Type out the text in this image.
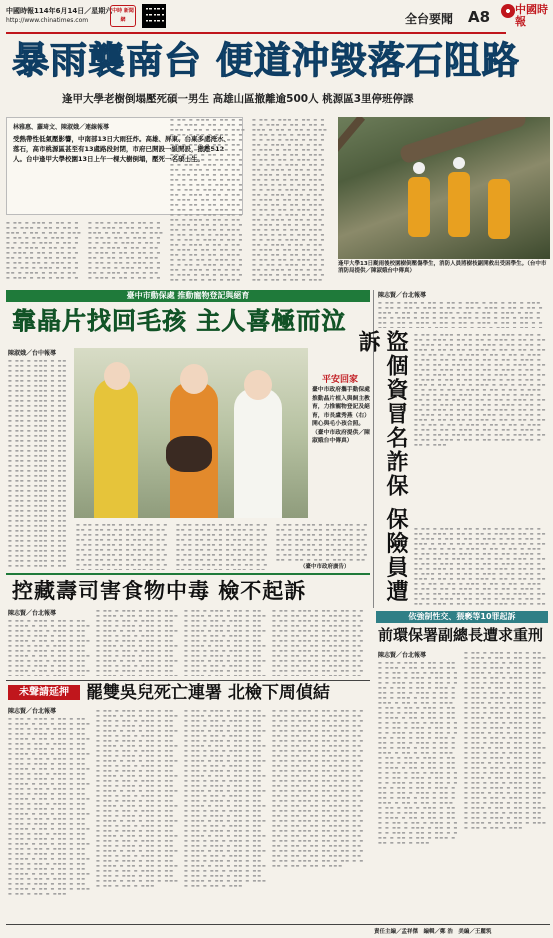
中國時報114年6月14日／星期六
http://www.chinatimes.com
中時 新聞網	全台要聞 A8 中國時報
暴雨襲南台 便道沖毀落石阻路
逢甲大學老樹倒塌壓死碩一男生 高雄山區撤離逾500人 桃源區3里停班停課
林雅惠、蘿琦文、陳淑娥／連線報導
受熱帶性低氣壓影響，中南部13日大雨狂炸。高雄、屏東、台東多處淹水、落石，高市桃源區甚至有13處路段封閉，市府已開設一級開設，撤離512人。台中逢甲大學校園13日上午一棵大樹倒塌，壓死一名碩士生。
▬ ▬▬ ▬ ▬▬▬ ▬ ▬▬ ▬ ▬▬ ▬ ▬▬▬ ▬ ▬▬ ▬ ▬▬ ▬ ▬▬▬ ▬ ▬▬ ▬ ▬▬ ▬ ▬▬▬ ▬ ▬▬ ▬ ▬▬ ▬ ▬▬▬ ▬ ▬▬ ▬ ▬▬ ▬ ▬▬▬ ▬ ▬▬ ▬ ▬▬ ▬ ▬▬▬ ▬ ▬▬ ▬ ▬▬ ▬ ▬▬▬ ▬ ▬▬ ▬ ▬▬ ▬ ▬▬▬ ▬ ▬▬ ▬ ▬▬ ▬ ▬▬▬ ▬ ▬▬ ▬ ▬▬ ▬ ▬▬▬ ▬ ▬▬ ▬ ▬▬ ▬ ▬▬▬ ▬ ▬▬ ▬ ▬▬ ▬ ▬▬▬ ▬ ▬▬ ▬ ▬▬ ▬ ▬▬▬ ▬ ▬▬ ▬ ▬▬ ▬ ▬▬▬ ▬ ▬▬ ▬ ▬▬ ▬ ▬▬▬ ▬ ▬▬ ▬ ▬▬ ▬ ▬▬▬ ▬ ▬▬ ▬ ▬▬ ▬ ▬▬▬ ▬ ▬▬ ▬ ▬▬ ▬ ▬▬▬ ▬ ▬▬ ▬ ▬▬ ▬ ▬▬▬ ▬ ▬▬ ▬ ▬▬ ▬ ▬▬▬ ▬ ▬▬ ▬ ▬▬ ▬ ▬▬▬ ▬ ▬▬ ▬ ▬▬ ▬ ▬▬▬ ▬ ▬▬ ▬ ▬▬ ▬ ▬▬▬ ▬ ▬▬ ▬ ▬▬ ▬ ▬▬▬ ▬ ▬▬ ▬ ▬▬ ▬ ▬▬▬ ▬ ▬▬ ▬ ▬▬ ▬ ▬▬▬ ▬ ▬▬ ▬ ▬▬ ▬ ▬▬▬ ▬ ▬▬ ▬ ▬▬ ▬ ▬▬▬ ▬ ▬▬ ▬ ▬▬ ▬ ▬▬▬ ▬ ▬▬ ▬ ▬▬ ▬ ▬▬▬ ▬ ▬▬ ▬ ▬▬ ▬ ▬▬▬ ▬ ▬▬ ▬ ▬▬ ▬ ▬▬▬ ▬ ▬▬ ▬ ▬▬ ▬ ▬▬▬ ▬ ▬▬ ▬ ▬▬ ▬ ▬▬▬ ▬ ▬▬ ▬ ▬▬ ▬ ▬▬▬ ▬ ▬▬ ▬ ▬▬ ▬ ▬▬▬ ▬ ▬▬ ▬ ▬▬ ▬ ▬▬▬ ▬ ▬▬ ▬ ▬▬ ▬ ▬▬▬ ▬ ▬▬ ▬ ▬▬ ▬ ▬▬▬ ▬ ▬▬ ▬ ▬▬ ▬ ▬▬▬ ▬ ▬▬ ▬ ▬▬ ▬ ▬▬▬ ▬ ▬▬ ▬ ▬▬ ▬ ▬▬▬ ▬ ▬▬ ▬ ▬▬ ▬ ▬▬▬ ▬ ▬▬ ▬ ▬▬ ▬ ▬▬▬ ▬ ▬▬ ▬ ▬▬ ▬ ▬▬▬ ▬ ▬▬ ▬ ▬▬ ▬ ▬▬▬ ▬ ▬▬ ▬ ▬▬ ▬ ▬▬▬
▬ ▬▬ ▬ ▬▬▬ ▬ ▬▬ ▬ ▬▬ ▬ ▬▬▬ ▬ ▬▬ ▬ ▬▬ ▬ ▬▬▬ ▬ ▬▬ ▬ ▬▬ ▬ ▬▬▬ ▬ ▬▬ ▬ ▬▬ ▬ ▬▬▬ ▬ ▬▬ ▬ ▬▬ ▬ ▬▬▬ ▬ ▬▬ ▬ ▬▬ ▬ ▬▬▬ ▬ ▬▬ ▬ ▬▬ ▬ ▬▬▬ ▬ ▬▬ ▬ ▬▬ ▬ ▬▬▬ ▬ ▬▬ ▬ ▬▬ ▬ ▬▬▬ ▬ ▬▬ ▬ ▬▬ ▬ ▬▬▬ ▬ ▬▬ ▬ ▬▬ ▬ ▬▬▬ ▬ ▬▬ ▬ ▬▬ ▬ ▬▬▬ ▬ ▬▬ ▬ ▬▬ ▬ ▬▬▬ ▬ ▬▬ ▬ ▬▬ ▬ ▬▬▬ ▬ ▬▬ ▬ ▬▬ ▬ ▬▬▬ ▬ ▬▬ ▬ ▬▬ ▬ ▬▬▬ ▬ ▬▬ ▬ ▬▬ ▬ ▬▬▬ ▬ ▬▬ ▬ ▬▬ ▬ ▬▬▬ ▬ ▬▬ ▬ ▬▬ ▬ ▬▬▬ ▬ ▬▬ ▬ ▬▬ ▬ ▬▬▬ ▬ ▬▬ ▬ ▬▬ ▬ ▬▬▬ ▬ ▬▬ ▬ ▬▬ ▬ ▬▬▬ ▬ ▬▬ ▬ ▬▬ ▬ ▬▬▬ ▬ ▬▬ ▬ ▬▬ ▬ ▬▬▬ ▬ ▬▬ ▬ ▬▬ ▬ ▬▬▬ ▬ ▬▬ ▬ ▬▬ ▬ ▬▬▬ ▬ ▬▬ ▬ ▬▬ ▬ ▬▬▬ ▬ ▬▬ ▬ ▬▬ ▬ ▬▬▬ ▬ ▬▬ ▬ ▬▬ ▬ ▬▬▬ ▬ ▬▬ ▬ ▬▬ ▬ ▬▬▬ ▬ ▬▬ ▬ ▬▬ ▬ ▬▬▬ ▬ ▬▬ ▬ ▬▬ ▬ ▬▬▬ ▬ ▬▬ ▬ ▬▬ ▬ ▬▬▬ ▬ ▬▬ ▬ ▬▬ ▬ ▬▬▬ ▬ ▬▬ ▬ ▬▬ ▬ ▬▬▬ ▬ ▬▬ ▬ ▬▬ ▬ ▬▬▬ ▬ ▬▬ ▬ ▬▬ ▬ ▬▬▬ ▬ ▬▬ ▬ ▬▬ ▬ ▬▬▬ ▬ ▬▬ ▬ ▬▬ ▬ ▬▬▬ ▬ ▬▬ ▬ ▬▬ ▬ ▬▬▬ ▬ ▬▬ ▬ ▬▬ ▬ ▬▬▬ ▬ ▬▬ ▬ ▬▬ ▬ ▬▬▬ ▬ ▬▬ ▬ ▬▬ ▬ ▬▬▬ ▬ ▬▬ ▬ ▬▬ ▬ ▬▬▬ ▬ ▬▬ ▬ ▬▬ ▬ ▬▬▬ ▬ ▬▬ ▬ ▬▬ ▬ ▬▬▬ ▬ ▬▬ ▬ ▬▬ ▬ ▬▬▬
▬ ▬▬ ▬ ▬▬▬ ▬ ▬▬ ▬ ▬▬ ▬ ▬▬▬ ▬ ▬▬ ▬ ▬▬ ▬ ▬▬▬ ▬ ▬▬ ▬ ▬▬ ▬ ▬▬▬ ▬ ▬▬ ▬ ▬▬ ▬ ▬▬▬ ▬ ▬▬ ▬ ▬▬ ▬ ▬▬▬ ▬ ▬▬ ▬ ▬▬ ▬ ▬▬▬ ▬ ▬▬ ▬ ▬▬ ▬ ▬▬▬ ▬ ▬▬ ▬ ▬▬ ▬ ▬▬▬ ▬ ▬▬ ▬ ▬▬ ▬ ▬▬▬ ▬ ▬▬ ▬ ▬▬ ▬ ▬▬▬ ▬ ▬▬ ▬ ▬▬ ▬ ▬▬▬ ▬ ▬▬ ▬ ▬▬ ▬ ▬▬▬ ▬ ▬▬ ▬ ▬▬ ▬ ▬▬▬ ▬ ▬▬ ▬ ▬▬ ▬ ▬▬▬ ▬ ▬▬ ▬ ▬▬ ▬ ▬▬▬ ▬ ▬▬ ▬ ▬▬ ▬ ▬▬▬ ▬ ▬▬ ▬ ▬▬ ▬ ▬▬▬ ▬ ▬▬ ▬ ▬▬ ▬ ▬▬▬ ▬ ▬▬ ▬ ▬▬ ▬ ▬▬▬ ▬ ▬▬ ▬ ▬▬ ▬ ▬▬▬ ▬ ▬▬ ▬ ▬▬ ▬ ▬▬▬ ▬ ▬▬ ▬ ▬▬ ▬ ▬▬▬ ▬ ▬▬ ▬ ▬▬ ▬ ▬▬▬ ▬ ▬▬ ▬ ▬▬ ▬ ▬▬▬ ▬ ▬▬ ▬ ▬▬ ▬ ▬▬▬ ▬ ▬▬ ▬ ▬▬ ▬ ▬▬▬ ▬ ▬▬ ▬ ▬▬ ▬ ▬▬▬ ▬ ▬▬ ▬ ▬▬ ▬ ▬▬▬ ▬ ▬▬ ▬ ▬▬ ▬ ▬▬▬ ▬ ▬▬ ▬ ▬▬ ▬ ▬▬▬ ▬ ▬▬ ▬ ▬▬ ▬ ▬▬▬ ▬ ▬▬ ▬ ▬▬ ▬ ▬▬▬ ▬ ▬▬ ▬ ▬▬ ▬ ▬▬▬ ▬ ▬▬ ▬ ▬▬ ▬ ▬▬▬ ▬ ▬▬ ▬ ▬▬ ▬ ▬▬▬ ▬ ▬▬ ▬ ▬▬ ▬ ▬▬▬ ▬ ▬▬ ▬ ▬▬ ▬ ▬▬▬ ▬ ▬▬ ▬ ▬▬ ▬ ▬▬▬ ▬ ▬▬ ▬ ▬▬ ▬ ▬▬▬ ▬ ▬▬ ▬ ▬▬ ▬ ▬▬▬ ▬ ▬▬ ▬ ▬▬ ▬ ▬▬▬ ▬ ▬▬ ▬ ▬▬ ▬ ▬▬▬ ▬ ▬▬ ▬ ▬▬ ▬ ▬▬▬ ▬ ▬▬ ▬ ▬▬ ▬ ▬▬▬ ▬ ▬▬ ▬ ▬▬ ▬ ▬▬▬ ▬ ▬▬ ▬ ▬▬ ▬ ▬▬▬ ▬ ▬▬ ▬ ▬▬ ▬ ▬▬▬
▬ ▬▬ ▬ ▬▬▬ ▬ ▬▬ ▬ ▬▬ ▬ ▬▬▬ ▬ ▬▬ ▬ ▬▬ ▬ ▬▬▬ ▬ ▬▬ ▬ ▬▬ ▬ ▬▬▬ ▬ ▬▬ ▬ ▬▬ ▬ ▬▬▬ ▬ ▬▬ ▬ ▬▬ ▬ ▬▬▬ ▬ ▬▬ ▬ ▬▬ ▬ ▬▬▬ ▬ ▬▬ ▬ ▬▬ ▬ ▬▬▬ ▬ ▬▬ ▬ ▬▬ ▬ ▬▬▬ ▬ ▬▬ ▬ ▬▬ ▬ ▬▬▬ ▬ ▬▬ ▬ ▬▬ ▬ ▬▬▬ ▬ ▬▬ ▬ ▬▬ ▬ ▬▬▬ ▬ ▬▬ ▬ ▬▬ ▬ ▬▬▬ ▬ ▬▬ ▬ ▬▬ ▬ ▬▬▬ ▬ ▬▬ ▬ ▬▬ ▬ ▬▬▬ ▬ ▬▬ ▬ ▬▬ ▬ ▬▬▬ ▬ ▬▬ ▬ ▬▬ ▬ ▬▬▬ ▬ ▬▬ ▬ ▬▬ ▬ ▬▬▬ ▬ ▬▬ ▬ ▬▬ ▬ ▬▬▬ ▬ ▬▬ ▬ ▬▬ ▬ ▬▬▬ ▬ ▬▬ ▬ ▬▬ ▬ ▬▬▬ ▬ ▬▬ ▬ ▬▬ ▬ ▬▬▬ ▬ ▬▬ ▬ ▬▬ ▬ ▬▬▬ ▬ ▬▬ ▬ ▬▬ ▬ ▬▬▬ ▬ ▬▬ ▬ ▬▬ ▬ ▬▬▬ ▬ ▬▬ ▬ ▬▬ ▬ ▬▬▬ ▬ ▬▬ ▬ ▬▬ ▬ ▬▬▬ ▬ ▬▬ ▬ ▬▬ ▬ ▬▬▬ ▬ ▬▬ ▬ ▬▬ ▬ ▬▬▬ ▬ ▬▬ ▬ ▬▬ ▬ ▬▬▬ ▬ ▬▬ ▬ ▬▬ ▬ ▬▬▬ ▬ ▬▬ ▬ ▬▬ ▬ ▬▬▬ ▬ ▬▬ ▬ ▬▬ ▬ ▬▬▬ ▬ ▬▬ ▬ ▬▬ ▬ ▬▬▬ ▬ ▬▬ ▬ ▬▬ ▬ ▬▬▬ ▬ ▬▬ ▬ ▬▬ ▬ ▬▬▬ ▬ ▬▬ ▬ ▬▬ ▬ ▬▬▬ ▬ ▬▬ ▬ ▬▬ ▬ ▬▬▬ ▬ ▬▬ ▬ ▬▬ ▬ ▬▬▬ ▬ ▬▬ ▬ ▬▬ ▬ ▬▬▬ ▬ ▬▬ ▬ ▬▬ ▬ ▬▬▬ ▬ ▬▬ ▬ ▬▬ ▬ ▬▬▬ ▬ ▬▬ ▬ ▬▬ ▬ ▬▬▬ ▬ ▬▬ ▬ ▬▬ ▬ ▬▬▬ ▬ ▬▬ ▬ ▬▬ ▬ ▬▬▬ ▬ ▬▬ ▬ ▬▬ ▬ ▬▬▬ ▬ ▬▬ ▬ ▬▬ ▬ ▬▬▬ ▬ ▬▬ ▬ ▬▬ ▬ ▬▬▬
逢甲大學13日颱雨後校園樹倒壓傷學生，消防人員將樹枝鋸開救出受困學生。（台中市消防局提供／陳淑娥台中傳真）
臺中市動保處 推動寵物登記與絕育
靠晶片找回毛孩 主人喜極而泣
陳淑娥／台中報導
▬ ▬▬ ▬ ▬▬▬ ▬ ▬▬ ▬ ▬▬ ▬ ▬▬▬ ▬ ▬▬ ▬ ▬▬ ▬ ▬▬▬ ▬ ▬▬ ▬ ▬▬ ▬ ▬▬▬ ▬ ▬▬ ▬ ▬▬ ▬ ▬▬▬ ▬ ▬▬ ▬ ▬▬ ▬ ▬▬▬ ▬ ▬▬ ▬ ▬▬ ▬ ▬▬▬ ▬ ▬▬ ▬ ▬▬ ▬ ▬▬▬ ▬ ▬▬ ▬ ▬▬ ▬ ▬▬▬ ▬ ▬▬ ▬ ▬▬ ▬ ▬▬▬ ▬ ▬▬ ▬ ▬▬ ▬ ▬▬▬ ▬ ▬▬ ▬ ▬▬ ▬ ▬▬▬ ▬ ▬▬ ▬ ▬▬ ▬ ▬▬▬ ▬ ▬▬ ▬ ▬▬ ▬ ▬▬▬ ▬ ▬▬ ▬ ▬▬ ▬ ▬▬▬ ▬ ▬▬ ▬ ▬▬ ▬ ▬▬▬ ▬ ▬▬ ▬ ▬▬ ▬ ▬▬▬ ▬ ▬▬ ▬ ▬▬ ▬ ▬▬▬ ▬ ▬▬ ▬ ▬▬ ▬ ▬▬▬ ▬ ▬▬ ▬ ▬▬ ▬ ▬▬▬ ▬ ▬▬ ▬ ▬▬ ▬ ▬▬▬ ▬ ▬▬ ▬ ▬▬ ▬ ▬▬▬ ▬ ▬▬ ▬ ▬▬ ▬ ▬▬▬ ▬ ▬▬ ▬ ▬▬ ▬ ▬▬▬ ▬ ▬▬ ▬ ▬▬ ▬ ▬▬▬ ▬ ▬▬ ▬ ▬▬ ▬ ▬▬▬ ▬ ▬▬ ▬ ▬▬ ▬ ▬▬▬ ▬ ▬▬ ▬ ▬▬ ▬ ▬▬▬ ▬ ▬▬ ▬ ▬▬ ▬ ▬▬▬ ▬ ▬▬ ▬ ▬▬ ▬ ▬▬▬ ▬ ▬▬ ▬ ▬▬ ▬ ▬▬▬ ▬ ▬▬ ▬ ▬▬ ▬ ▬▬▬ ▬ ▬▬ ▬ ▬▬ ▬ ▬▬▬ ▬ ▬▬ ▬ ▬▬ ▬ ▬▬▬ ▬ ▬▬ ▬ ▬▬ ▬ ▬▬▬ ▬ ▬▬ ▬ ▬▬ ▬ ▬▬▬ ▬ ▬▬ ▬ ▬▬ ▬ ▬▬▬ ▬ ▬▬ ▬ ▬▬ ▬ ▬▬▬ ▬ ▬▬ ▬ ▬▬ ▬ ▬▬▬ ▬ ▬▬ ▬ ▬▬ ▬ ▬▬▬ ▬ ▬▬ ▬ ▬▬ ▬ ▬▬▬ ▬ ▬▬ ▬ ▬▬ ▬ ▬▬▬ ▬ ▬▬ ▬ ▬▬ ▬ ▬▬▬ ▬ ▬▬ ▬ ▬▬ ▬ ▬▬▬ ▬ ▬▬ ▬ ▬▬ ▬ ▬▬▬ ▬ ▬▬ ▬ ▬▬ ▬ ▬▬▬ ▬ ▬▬ ▬ ▬▬ ▬ ▬▬▬ ▬ ▬▬ ▬ ▬▬ ▬ ▬▬▬
平安回家
臺中市政府攜手動保處推動晶片植入與飼主教育，力推寵物登記及絕育，市長盧秀燕（右）開心與毛小孩合照。（臺中市政府提供／陳淑娥台中傳真）
▬ ▬▬ ▬ ▬▬▬ ▬ ▬▬ ▬ ▬▬ ▬ ▬▬▬ ▬ ▬▬ ▬ ▬▬ ▬ ▬▬▬ ▬ ▬▬ ▬ ▬▬ ▬ ▬▬▬ ▬ ▬▬ ▬ ▬▬ ▬ ▬▬▬ ▬ ▬▬ ▬ ▬▬ ▬ ▬▬▬ ▬ ▬▬ ▬ ▬▬ ▬ ▬▬▬ ▬ ▬▬ ▬ ▬▬ ▬ ▬▬▬ ▬ ▬▬ ▬ ▬▬ ▬ ▬▬▬ ▬ ▬▬ ▬ ▬▬ ▬ ▬▬▬ ▬ ▬▬ ▬ ▬▬ ▬ ▬▬▬ ▬ ▬▬ ▬ ▬▬ ▬ ▬▬▬ ▬ ▬▬ ▬ ▬▬ ▬ ▬▬▬ ▬ ▬▬ ▬ ▬▬ ▬ ▬▬▬ ▬ ▬▬ ▬ ▬▬ ▬ ▬▬▬ ▬ ▬▬ ▬ ▬▬ ▬ ▬▬▬ ▬ ▬▬ ▬ ▬▬ ▬ ▬▬▬ ▬ ▬▬ ▬ ▬▬ ▬ ▬▬▬ ▬ ▬▬ ▬ ▬▬ ▬ ▬▬▬ ▬ ▬▬ ▬ ▬▬ ▬ ▬▬▬ ▬ ▬▬ ▬ ▬▬ ▬ ▬▬▬ ▬ ▬▬ ▬ ▬▬ ▬ ▬▬▬ ▬ ▬▬ ▬ ▬▬ ▬ ▬▬▬ ▬ ▬▬ ▬ ▬▬ ▬ ▬▬▬ ▬ ▬▬ ▬ ▬▬ ▬ ▬▬▬ ▬ ▬▬ ▬ ▬▬ ▬ ▬▬▬ ▬ ▬▬ ▬ ▬▬ ▬ ▬▬▬ ▬ ▬▬ ▬ ▬▬ ▬ ▬▬▬ ▬ ▬▬ ▬ ▬▬ ▬ ▬▬▬ ▬ ▬▬ ▬ ▬▬ ▬ ▬▬▬ ▬ ▬▬ ▬ ▬▬ ▬ ▬▬▬ ▬ ▬▬ ▬ ▬▬ ▬ ▬▬▬ ▬ ▬▬ ▬ ▬▬ ▬ ▬▬▬ ▬ ▬▬ ▬ ▬▬ ▬ ▬▬▬ ▬ ▬▬ ▬ ▬▬ ▬ ▬▬▬ ▬ ▬▬ ▬ ▬▬ ▬ ▬▬▬ ▬ ▬▬ ▬ ▬▬ ▬ ▬▬▬ ▬ ▬▬ ▬ ▬▬ ▬ ▬▬▬ ▬ ▬▬ ▬ ▬▬ ▬ ▬▬▬ ▬ ▬▬ ▬ ▬▬ ▬ ▬▬▬ ▬ ▬▬ ▬ ▬▬ ▬ ▬▬▬ ▬ ▬▬ ▬ ▬▬ ▬ ▬▬▬ ▬ ▬▬ ▬ ▬▬ ▬ ▬▬▬ ▬ ▬▬ ▬ ▬▬ ▬ ▬▬▬ ▬ ▬▬ ▬ ▬▬ ▬ ▬▬▬ ▬ ▬▬ ▬ ▬▬ ▬ ▬▬▬ ▬ ▬▬ ▬ ▬▬ ▬ ▬▬▬ ▬ ▬▬ ▬ ▬▬ ▬ ▬▬▬
▬ ▬▬ ▬ ▬▬▬ ▬ ▬▬ ▬ ▬▬ ▬ ▬▬▬ ▬ ▬▬ ▬ ▬▬ ▬ ▬▬▬ ▬ ▬▬ ▬ ▬▬ ▬ ▬▬▬ ▬ ▬▬ ▬ ▬▬ ▬ ▬▬▬ ▬ ▬▬ ▬ ▬▬ ▬ ▬▬▬ ▬ ▬▬ ▬ ▬▬ ▬ ▬▬▬ ▬ ▬▬ ▬ ▬▬ ▬ ▬▬▬ ▬ ▬▬ ▬ ▬▬ ▬ ▬▬▬ ▬ ▬▬ ▬ ▬▬ ▬ ▬▬▬ ▬ ▬▬ ▬ ▬▬ ▬ ▬▬▬ ▬ ▬▬ ▬ ▬▬ ▬ ▬▬▬ ▬ ▬▬ ▬ ▬▬ ▬ ▬▬▬ ▬ ▬▬ ▬ ▬▬ ▬ ▬▬▬ ▬ ▬▬ ▬ ▬▬ ▬ ▬▬▬ ▬ ▬▬ ▬ ▬▬ ▬ ▬▬▬ ▬ ▬▬ ▬ ▬▬ ▬ ▬▬▬ ▬ ▬▬ ▬ ▬▬ ▬ ▬▬▬ ▬ ▬▬ ▬ ▬▬ ▬ ▬▬▬ ▬ ▬▬ ▬ ▬▬ ▬ ▬▬▬ ▬ ▬▬ ▬ ▬▬ ▬ ▬▬▬ ▬ ▬▬ ▬ ▬▬ ▬ ▬▬▬ ▬ ▬▬ ▬ ▬▬ ▬ ▬▬▬ ▬ ▬▬ ▬ ▬▬ ▬ ▬▬▬ ▬ ▬▬ ▬ ▬▬ ▬ ▬▬▬ ▬ ▬▬ ▬ ▬▬ ▬ ▬▬▬ ▬ ▬▬ ▬ ▬▬ ▬ ▬▬▬ ▬ ▬▬ ▬ ▬▬ ▬ ▬▬▬ ▬ ▬▬ ▬ ▬▬ ▬ ▬▬▬ ▬ ▬▬ ▬ ▬▬ ▬ ▬▬▬ ▬ ▬▬ ▬ ▬▬ ▬ ▬▬▬ ▬ ▬▬ ▬ ▬▬ ▬ ▬▬▬ ▬ ▬▬ ▬ ▬▬ ▬ ▬▬▬ ▬ ▬▬ ▬ ▬▬ ▬ ▬▬▬ ▬ ▬▬ ▬ ▬▬ ▬ ▬▬▬ ▬ ▬▬ ▬ ▬▬ ▬ ▬▬▬ ▬ ▬▬ ▬ ▬▬ ▬ ▬▬▬ ▬ ▬▬ ▬ ▬▬ ▬ ▬▬▬ ▬ ▬▬ ▬ ▬▬ ▬ ▬▬▬ ▬ ▬▬ ▬ ▬▬ ▬ ▬▬▬ ▬ ▬▬ ▬ ▬▬ ▬ ▬▬▬ ▬ ▬▬ ▬ ▬▬ ▬ ▬▬▬ ▬ ▬▬ ▬ ▬▬ ▬ ▬▬▬ ▬ ▬▬ ▬ ▬▬ ▬ ▬▬▬ ▬ ▬▬ ▬ ▬▬ ▬ ▬▬▬ ▬ ▬▬ ▬ ▬▬ ▬ ▬▬▬ ▬ ▬▬ ▬ ▬▬ ▬ ▬▬▬ ▬ ▬▬ ▬ ▬▬ ▬ ▬▬▬
▬ ▬▬ ▬ ▬▬▬ ▬ ▬▬ ▬ ▬▬ ▬ ▬▬▬ ▬ ▬▬ ▬ ▬▬ ▬ ▬▬▬ ▬ ▬▬ ▬ ▬▬ ▬ ▬▬▬ ▬ ▬▬ ▬ ▬▬ ▬ ▬▬▬ ▬ ▬▬ ▬ ▬▬ ▬ ▬▬▬ ▬ ▬▬ ▬ ▬▬ ▬ ▬▬▬ ▬ ▬▬ ▬ ▬▬ ▬ ▬▬▬ ▬ ▬▬ ▬ ▬▬ ▬ ▬▬▬ ▬ ▬▬ ▬ ▬▬ ▬ ▬▬▬ ▬ ▬▬ ▬ ▬▬ ▬ ▬▬▬ ▬ ▬▬ ▬ ▬▬ ▬ ▬▬▬ ▬ ▬▬ ▬ ▬▬ ▬ ▬▬▬ ▬ ▬▬ ▬ ▬▬ ▬ ▬▬▬ ▬ ▬▬ ▬ ▬▬ ▬ ▬▬▬ ▬ ▬▬ ▬ ▬▬ ▬ ▬▬▬ ▬ ▬▬ ▬ ▬▬ ▬ ▬▬▬ ▬ ▬▬ ▬ ▬▬ ▬ ▬▬▬ ▬ ▬▬ ▬ ▬▬ ▬ ▬▬▬ ▬ ▬▬ ▬ ▬▬ ▬ ▬▬▬ ▬ ▬▬ ▬ ▬▬ ▬ ▬▬▬ ▬ ▬▬ ▬ ▬▬ ▬ ▬▬▬ ▬ ▬▬ ▬ ▬▬ ▬ ▬▬▬ ▬ ▬▬ ▬ ▬▬ ▬ ▬▬▬ ▬ ▬▬ ▬ ▬▬ ▬ ▬▬▬ ▬ ▬▬ ▬ ▬▬ ▬ ▬▬▬ ▬ ▬▬ ▬ ▬▬ ▬ ▬▬▬ ▬ ▬▬ ▬ ▬▬ ▬ ▬▬▬ ▬ ▬▬ ▬ ▬▬ ▬ ▬▬▬ ▬ ▬▬ ▬ ▬▬ ▬ ▬▬▬ ▬ ▬▬ ▬ ▬▬ ▬ ▬▬▬ ▬ ▬▬ ▬ ▬▬ ▬ ▬▬▬ ▬ ▬▬ ▬ ▬▬ ▬ ▬▬▬ ▬ ▬▬ ▬ ▬▬ ▬ ▬▬▬ ▬ ▬▬ ▬ ▬▬ ▬ ▬▬▬ ▬ ▬▬ ▬ ▬▬ ▬ ▬▬▬ ▬ ▬▬ ▬ ▬▬ ▬ ▬▬▬ ▬ ▬▬ ▬ ▬▬ ▬ ▬▬▬ ▬ ▬▬ ▬ ▬▬ ▬ ▬▬▬ ▬ ▬▬ ▬ ▬▬ ▬ ▬▬▬ ▬ ▬▬ ▬ ▬▬ ▬ ▬▬▬ ▬ ▬▬ ▬ ▬▬ ▬ ▬▬▬ ▬ ▬▬ ▬ ▬▬ ▬ ▬▬▬ ▬ ▬▬ ▬ ▬▬ ▬ ▬▬▬ ▬ ▬▬ ▬ ▬▬ ▬ ▬▬▬ ▬ ▬▬ ▬ ▬▬ ▬ ▬▬▬ ▬ ▬▬ ▬ ▬▬ ▬ ▬▬▬ ▬ ▬▬ ▬ ▬▬ ▬ ▬▬▬
（臺中市政府廣告）
陳志賢／台北報導
▬ ▬▬ ▬ ▬▬▬ ▬ ▬▬ ▬ ▬▬ ▬ ▬▬▬ ▬ ▬▬ ▬ ▬▬ ▬ ▬▬▬ ▬ ▬▬ ▬ ▬▬ ▬ ▬▬▬ ▬ ▬▬ ▬ ▬▬ ▬ ▬▬▬ ▬ ▬▬ ▬ ▬▬ ▬ ▬▬▬ ▬ ▬▬ ▬ ▬▬ ▬ ▬▬▬ ▬ ▬▬ ▬ ▬▬ ▬ ▬▬▬ ▬ ▬▬ ▬ ▬▬ ▬ ▬▬▬ ▬ ▬▬ ▬ ▬▬ ▬ ▬▬▬ ▬ ▬▬ ▬ ▬▬ ▬ ▬▬▬ ▬ ▬▬ ▬ ▬▬ ▬ ▬▬▬ ▬ ▬▬ ▬ ▬▬ ▬ ▬▬▬ ▬ ▬▬ ▬ ▬▬ ▬ ▬▬▬ ▬ ▬▬ ▬ ▬▬ ▬ ▬▬▬ ▬ ▬▬ ▬ ▬▬ ▬ ▬▬▬ ▬ ▬▬ ▬ ▬▬ ▬ ▬▬▬ ▬ ▬▬ ▬ ▬▬ ▬ ▬▬▬ ▬ ▬▬ ▬ ▬▬ ▬ ▬▬▬ ▬ ▬▬ ▬ ▬▬ ▬ ▬▬▬ ▬ ▬▬ ▬ ▬▬ ▬ ▬▬▬ ▬ ▬▬ ▬ ▬▬ ▬ ▬▬▬ ▬ ▬▬ ▬ ▬▬ ▬ ▬▬▬ ▬ ▬▬ ▬ ▬▬ ▬ ▬▬▬ ▬ ▬▬ ▬ ▬▬ ▬ ▬▬▬ ▬ ▬▬ ▬ ▬▬ ▬ ▬▬▬ ▬ ▬▬ ▬ ▬▬ ▬ ▬▬▬ ▬ ▬▬ ▬ ▬▬ ▬ ▬▬▬ ▬ ▬▬ ▬ ▬▬ ▬ ▬▬▬ ▬ ▬▬ ▬ ▬▬ ▬ ▬▬▬ ▬ ▬▬ ▬ ▬▬ ▬ ▬▬▬ ▬ ▬▬ ▬ ▬▬ ▬ ▬▬▬ ▬ ▬▬ ▬ ▬▬ ▬ ▬▬▬ ▬ ▬▬ ▬ ▬▬ ▬ ▬▬▬ ▬ ▬▬ ▬ ▬▬ ▬ ▬▬▬ ▬ ▬▬ ▬ ▬▬ ▬ ▬▬▬ ▬ ▬▬ ▬ ▬▬ ▬ ▬▬▬ ▬ ▬▬ ▬ ▬▬ ▬ ▬▬▬ ▬ ▬▬ ▬ ▬▬ ▬ ▬▬▬ ▬ ▬▬ ▬ ▬▬ ▬ ▬▬▬ ▬ ▬▬ ▬ ▬▬ ▬ ▬▬▬ ▬ ▬▬ ▬ ▬▬ ▬ ▬▬▬ ▬ ▬▬ ▬ ▬▬ ▬ ▬▬▬ ▬ ▬▬ ▬ ▬▬ ▬ ▬▬▬ ▬ ▬▬ ▬ ▬▬ ▬ ▬▬▬ ▬ ▬▬ ▬ ▬▬ ▬ ▬▬▬ ▬ ▬▬ ▬ ▬▬ ▬ ▬▬▬ ▬ ▬▬ ▬ ▬▬ ▬ ▬▬▬
盜個資冒名詐保 保險員遭訴
▬ ▬▬ ▬ ▬▬▬ ▬ ▬▬ ▬ ▬▬ ▬ ▬▬▬ ▬ ▬▬ ▬ ▬▬ ▬ ▬▬▬ ▬ ▬▬ ▬ ▬▬ ▬ ▬▬▬ ▬ ▬▬ ▬ ▬▬ ▬ ▬▬▬ ▬ ▬▬ ▬ ▬▬ ▬ ▬▬▬ ▬ ▬▬ ▬ ▬▬ ▬ ▬▬▬ ▬ ▬▬ ▬ ▬▬ ▬ ▬▬▬ ▬ ▬▬ ▬ ▬▬ ▬ ▬▬▬ ▬ ▬▬ ▬ ▬▬ ▬ ▬▬▬ ▬ ▬▬ ▬ ▬▬ ▬ ▬▬▬ ▬ ▬▬ ▬ ▬▬ ▬ ▬▬▬ ▬ ▬▬ ▬ ▬▬ ▬ ▬▬▬ ▬ ▬▬ ▬ ▬▬ ▬ ▬▬▬ ▬ ▬▬ ▬ ▬▬ ▬ ▬▬▬ ▬ ▬▬ ▬ ▬▬ ▬ ▬▬▬ ▬ ▬▬ ▬ ▬▬ ▬ ▬▬▬ ▬ ▬▬ ▬ ▬▬ ▬ ▬▬▬ ▬ ▬▬ ▬ ▬▬ ▬ ▬▬▬ ▬ ▬▬ ▬ ▬▬ ▬ ▬▬▬ ▬ ▬▬ ▬ ▬▬ ▬ ▬▬▬ ▬ ▬▬ ▬ ▬▬ ▬ ▬▬▬ ▬ ▬▬ ▬ ▬▬ ▬ ▬▬▬ ▬ ▬▬ ▬ ▬▬ ▬ ▬▬▬ ▬ ▬▬ ▬ ▬▬ ▬ ▬▬▬ ▬ ▬▬ ▬ ▬▬ ▬ ▬▬▬ ▬ ▬▬ ▬ ▬▬ ▬ ▬▬▬ ▬ ▬▬ ▬ ▬▬ ▬ ▬▬▬ ▬ ▬▬ ▬ ▬▬ ▬ ▬▬▬ ▬ ▬▬ ▬ ▬▬ ▬ ▬▬▬ ▬ ▬▬ ▬ ▬▬ ▬ ▬▬▬ ▬ ▬▬ ▬ ▬▬ ▬ ▬▬▬ ▬ ▬▬ ▬ ▬▬ ▬ ▬▬▬ ▬ ▬▬ ▬ ▬▬ ▬ ▬▬▬ ▬ ▬▬ ▬ ▬▬ ▬ ▬▬▬ ▬ ▬▬ ▬ ▬▬ ▬ ▬▬▬ ▬ ▬▬ ▬ ▬▬ ▬ ▬▬▬ ▬ ▬▬ ▬ ▬▬ ▬ ▬▬▬ ▬ ▬▬ ▬ ▬▬ ▬ ▬▬▬ ▬ ▬▬ ▬ ▬▬ ▬ ▬▬▬ ▬ ▬▬ ▬ ▬▬ ▬ ▬▬▬ ▬ ▬▬ ▬ ▬▬ ▬ ▬▬▬ ▬ ▬▬ ▬ ▬▬ ▬ ▬▬▬ ▬ ▬▬ ▬ ▬▬ ▬ ▬▬▬ ▬ ▬▬ ▬ ▬▬ ▬ ▬▬▬ ▬ ▬▬ ▬ ▬▬ ▬ ▬▬▬ ▬ ▬▬ ▬ ▬▬ ▬ ▬▬▬ ▬ ▬▬ ▬ ▬▬ ▬ ▬▬▬
▬ ▬▬ ▬ ▬▬▬ ▬ ▬▬ ▬ ▬▬ ▬ ▬▬▬ ▬ ▬▬ ▬ ▬▬ ▬ ▬▬▬ ▬ ▬▬ ▬ ▬▬ ▬ ▬▬▬ ▬ ▬▬ ▬ ▬▬ ▬ ▬▬▬ ▬ ▬▬ ▬ ▬▬ ▬ ▬▬▬ ▬ ▬▬ ▬ ▬▬ ▬ ▬▬▬ ▬ ▬▬ ▬ ▬▬ ▬ ▬▬▬ ▬ ▬▬ ▬ ▬▬ ▬ ▬▬▬ ▬ ▬▬ ▬ ▬▬ ▬ ▬▬▬ ▬ ▬▬ ▬ ▬▬ ▬ ▬▬▬ ▬ ▬▬ ▬ ▬▬ ▬ ▬▬▬ ▬ ▬▬ ▬ ▬▬ ▬ ▬▬▬ ▬ ▬▬ ▬ ▬▬ ▬ ▬▬▬ ▬ ▬▬ ▬ ▬▬ ▬ ▬▬▬ ▬ ▬▬ ▬ ▬▬ ▬ ▬▬▬ ▬ ▬▬ ▬ ▬▬ ▬ ▬▬▬ ▬ ▬▬ ▬ ▬▬ ▬ ▬▬▬ ▬ ▬▬ ▬ ▬▬ ▬ ▬▬▬ ▬ ▬▬ ▬ ▬▬ ▬ ▬▬▬ ▬ ▬▬ ▬ ▬▬ ▬ ▬▬▬ ▬ ▬▬ ▬ ▬▬ ▬ ▬▬▬ ▬ ▬▬ ▬ ▬▬ ▬ ▬▬▬ ▬ ▬▬ ▬ ▬▬ ▬ ▬▬▬ ▬ ▬▬ ▬ ▬▬ ▬ ▬▬▬ ▬ ▬▬ ▬ ▬▬ ▬ ▬▬▬ ▬ ▬▬ ▬ ▬▬ ▬ ▬▬▬ ▬ ▬▬ ▬ ▬▬ ▬ ▬▬▬ ▬ ▬▬ ▬ ▬▬ ▬ ▬▬▬ ▬ ▬▬ ▬ ▬▬ ▬ ▬▬▬ ▬ ▬▬ ▬ ▬▬ ▬ ▬▬▬ ▬ ▬▬ ▬ ▬▬ ▬ ▬▬▬ ▬ ▬▬ ▬ ▬▬ ▬ ▬▬▬ ▬ ▬▬ ▬ ▬▬ ▬ ▬▬▬ ▬ ▬▬ ▬ ▬▬ ▬ ▬▬▬ ▬ ▬▬ ▬ ▬▬ ▬ ▬▬▬ ▬ ▬▬ ▬ ▬▬ ▬ ▬▬▬ ▬ ▬▬ ▬ ▬▬ ▬ ▬▬▬ ▬ ▬▬ ▬ ▬▬ ▬ ▬▬▬ ▬ ▬▬ ▬ ▬▬ ▬ ▬▬▬ ▬ ▬▬ ▬ ▬▬ ▬ ▬▬▬ ▬ ▬▬ ▬ ▬▬ ▬ ▬▬▬ ▬ ▬▬ ▬ ▬▬ ▬ ▬▬▬ ▬ ▬▬ ▬ ▬▬ ▬ ▬▬▬ ▬ ▬▬ ▬ ▬▬ ▬ ▬▬▬ ▬ ▬▬ ▬ ▬▬ ▬ ▬▬▬ ▬ ▬▬ ▬ ▬▬ ▬ ▬▬▬ ▬ ▬▬ ▬ ▬▬ ▬ ▬▬▬
控藏壽司害食物中毒 檢不起訴
陳志賢／台北報導
▬ ▬▬ ▬ ▬▬▬ ▬ ▬▬ ▬ ▬▬ ▬ ▬▬▬ ▬ ▬▬ ▬ ▬▬ ▬ ▬▬▬ ▬ ▬▬ ▬ ▬▬ ▬ ▬▬▬ ▬ ▬▬ ▬ ▬▬ ▬ ▬▬▬ ▬ ▬▬ ▬ ▬▬ ▬ ▬▬▬ ▬ ▬▬ ▬ ▬▬ ▬ ▬▬▬ ▬ ▬▬ ▬ ▬▬ ▬ ▬▬▬ ▬ ▬▬ ▬ ▬▬ ▬ ▬▬▬ ▬ ▬▬ ▬ ▬▬ ▬ ▬▬▬ ▬ ▬▬ ▬ ▬▬ ▬ ▬▬▬ ▬ ▬▬ ▬ ▬▬ ▬ ▬▬▬ ▬ ▬▬ ▬ ▬▬ ▬ ▬▬▬ ▬ ▬▬ ▬ ▬▬ ▬ ▬▬▬ ▬ ▬▬ ▬ ▬▬ ▬ ▬▬▬ ▬ ▬▬ ▬ ▬▬ ▬ ▬▬▬ ▬ ▬▬ ▬ ▬▬ ▬ ▬▬▬ ▬ ▬▬ ▬ ▬▬ ▬ ▬▬▬ ▬ ▬▬ ▬ ▬▬ ▬ ▬▬▬ ▬ ▬▬ ▬ ▬▬ ▬ ▬▬▬ ▬ ▬▬ ▬ ▬▬ ▬ ▬▬▬ ▬ ▬▬ ▬ ▬▬ ▬ ▬▬▬ ▬ ▬▬ ▬ ▬▬ ▬ ▬▬▬ ▬ ▬▬ ▬ ▬▬ ▬ ▬▬▬ ▬ ▬▬ ▬ ▬▬ ▬ ▬▬▬ ▬ ▬▬ ▬ ▬▬ ▬ ▬▬▬ ▬ ▬▬ ▬ ▬▬ ▬ ▬▬▬ ▬ ▬▬ ▬ ▬▬ ▬ ▬▬▬ ▬ ▬▬ ▬ ▬▬ ▬ ▬▬▬ ▬ ▬▬ ▬ ▬▬ ▬ ▬▬▬ ▬ ▬▬ ▬ ▬▬ ▬ ▬▬▬ ▬ ▬▬ ▬ ▬▬ ▬ ▬▬▬ ▬ ▬▬ ▬ ▬▬ ▬ ▬▬▬ ▬ ▬▬ ▬ ▬▬ ▬ ▬▬▬ ▬ ▬▬ ▬ ▬▬ ▬ ▬▬▬ ▬ ▬▬ ▬ ▬▬ ▬ ▬▬▬ ▬ ▬▬ ▬ ▬▬ ▬ ▬▬▬ ▬ ▬▬ ▬ ▬▬ ▬ ▬▬▬ ▬ ▬▬ ▬ ▬▬ ▬ ▬▬▬ ▬ ▬▬ ▬ ▬▬ ▬ ▬▬▬ ▬ ▬▬ ▬ ▬▬ ▬ ▬▬▬ ▬ ▬▬ ▬ ▬▬ ▬ ▬▬▬ ▬ ▬▬ ▬ ▬▬ ▬ ▬▬▬ ▬ ▬▬ ▬ ▬▬ ▬ ▬▬▬ ▬ ▬▬ ▬ ▬▬ ▬ ▬▬▬ ▬ ▬▬ ▬ ▬▬ ▬ ▬▬▬ ▬ ▬▬ ▬ ▬▬ ▬ ▬▬▬ ▬ ▬▬ ▬ ▬▬ ▬ ▬▬▬ ▬ ▬▬ ▬ ▬▬▬ ▬ ▬▬ ▬ ▬▬ ▬ ▬▬▬ ▬ ▬▬ ▬ ▬▬ ▬ ▬▬▬ ▬ ▬▬ ▬ ▬▬ ▬ ▬▬▬ ▬ ▬▬ ▬ ▬▬ ▬ ▬▬▬ ▬ ▬▬ ▬ ▬▬ ▬ ▬▬▬ ▬ ▬▬ ▬ ▬▬ ▬ ▬▬▬ ▬ ▬▬ ▬ ▬▬ ▬ ▬▬▬ ▬ ▬▬ ▬ ▬▬ ▬ ▬▬▬ ▬ ▬▬ ▬ ▬▬ ▬ ▬▬▬ ▬ ▬▬ ▬ ▬▬ ▬ ▬▬▬ ▬ ▬▬ ▬ ▬▬ ▬ ▬▬▬ ▬ ▬▬ ▬ ▬▬ ▬ ▬▬▬ ▬ ▬▬ ▬ ▬▬ ▬ ▬▬▬ ▬ ▬▬ ▬ ▬▬ ▬ ▬▬▬ ▬ ▬▬ ▬ ▬▬ ▬ ▬▬▬ ▬ ▬▬ ▬ ▬▬ ▬ ▬▬▬ ▬ ▬▬ ▬ ▬▬ ▬ ▬▬▬ ▬ ▬▬ ▬ ▬▬ ▬ ▬▬▬ ▬ ▬▬ ▬ ▬▬ ▬ ▬▬▬ ▬ ▬▬ ▬ ▬▬ ▬ ▬▬▬ ▬ ▬▬ ▬ ▬▬ ▬ ▬▬▬ ▬ ▬▬ ▬ ▬▬ ▬ ▬▬▬ ▬ ▬▬ ▬ ▬▬ ▬ ▬▬▬ ▬ ▬▬ ▬ ▬▬ ▬ ▬▬▬ ▬ ▬▬ ▬ ▬▬ ▬ ▬▬▬ ▬ ▬▬ ▬ ▬▬ ▬ ▬▬▬ ▬ ▬▬ ▬ ▬▬ ▬ ▬▬▬ ▬ ▬▬ ▬ ▬▬ ▬ ▬▬▬ ▬ ▬▬ ▬ ▬▬ ▬ ▬▬▬ ▬ ▬▬ ▬ ▬▬ ▬ ▬▬▬ ▬ ▬▬ ▬ ▬▬ ▬ ▬▬▬ ▬ ▬▬ ▬ ▬▬ ▬ ▬▬▬ ▬ ▬▬ ▬ ▬▬ ▬ ▬▬▬ ▬ ▬▬ ▬ ▬▬ ▬ ▬▬▬ ▬ ▬▬ ▬ ▬▬ ▬ ▬▬▬ ▬ ▬▬ ▬ ▬▬ ▬ ▬▬▬ ▬ ▬▬ ▬ ▬▬ ▬ ▬▬▬ ▬ ▬▬ ▬ ▬▬ ▬ ▬▬▬ ▬ ▬▬ ▬ ▬▬ ▬ ▬▬▬ ▬ ▬▬ ▬ ▬▬ ▬ ▬▬▬ ▬ ▬▬ ▬ ▬▬ ▬ ▬▬▬ ▬ ▬▬ ▬ ▬▬ ▬ ▬▬▬ ▬ ▬▬ ▬ ▬▬ ▬ ▬▬▬ ▬ ▬▬ ▬ ▬▬ ▬ ▬▬▬ ▬ ▬▬ ▬ ▬▬ ▬ ▬▬▬ ▬ ▬▬ ▬ ▬▬ ▬ ▬▬▬ ▬ ▬▬ ▬ ▬▬ ▬ ▬▬▬ ▬ ▬▬ ▬ ▬▬▬ ▬ ▬▬ ▬ ▬▬ ▬ ▬▬▬ ▬ ▬▬ ▬ ▬▬ ▬ ▬▬▬ ▬ ▬▬ ▬ ▬▬ ▬ ▬▬▬ ▬ ▬▬ ▬ ▬▬ ▬ ▬▬▬ ▬ ▬▬ ▬ ▬▬ ▬ ▬▬▬ ▬ ▬▬ ▬ ▬▬ ▬ ▬▬▬ ▬ ▬▬ ▬ ▬▬ ▬ ▬▬▬ ▬ ▬▬ ▬ ▬▬ ▬ ▬▬▬ ▬ ▬▬ ▬ ▬▬ ▬ ▬▬▬ ▬ ▬▬ ▬ ▬▬ ▬ ▬▬▬ ▬ ▬▬ ▬ ▬▬ ▬ ▬▬▬ ▬ ▬▬ ▬ ▬▬ ▬ ▬▬▬ ▬ ▬▬ ▬ ▬▬ ▬ ▬▬▬ ▬ ▬▬ ▬ ▬▬ ▬ ▬▬▬ ▬ ▬▬ ▬ ▬▬ ▬ ▬▬▬ ▬ ▬▬ ▬ ▬▬ ▬ ▬▬▬ ▬ ▬▬ ▬ ▬▬ ▬ ▬▬▬ ▬ ▬▬ ▬ ▬▬ ▬ ▬▬▬ ▬ ▬▬ ▬ ▬▬ ▬ ▬▬▬ ▬ ▬▬ ▬ ▬▬ ▬ ▬▬▬ ▬ ▬▬ ▬ ▬▬ ▬ ▬▬▬ ▬ ▬▬ ▬ ▬▬ ▬ ▬▬▬ ▬ ▬▬ ▬ ▬▬ ▬ ▬▬▬ ▬ ▬▬ ▬ ▬▬ ▬ ▬▬▬ ▬ ▬▬ ▬ ▬▬ ▬ ▬▬▬ ▬ ▬▬ ▬ ▬▬ ▬ ▬▬▬ ▬ ▬▬ ▬ ▬▬ ▬ ▬▬▬ ▬ ▬▬ ▬ ▬▬ ▬ ▬▬▬ ▬ ▬▬ ▬ ▬▬ ▬ ▬▬▬ ▬ ▬▬ ▬ ▬▬ ▬ ▬▬▬ ▬ ▬▬ ▬ ▬▬ ▬ ▬▬▬ ▬ ▬▬ ▬ ▬▬ ▬ ▬▬▬ ▬ ▬▬ ▬ ▬▬ ▬ ▬▬▬ ▬ ▬▬ ▬ ▬▬ ▬ ▬▬▬ ▬ ▬▬ ▬ ▬▬ ▬ ▬▬▬ ▬ ▬▬ ▬ ▬▬ ▬ ▬▬▬ ▬ ▬▬ ▬ ▬▬ ▬ ▬▬▬ ▬ ▬▬ ▬ ▬▬ ▬ ▬▬▬ ▬ ▬▬ ▬ ▬▬ ▬ ▬▬▬ ▬ ▬▬ ▬ ▬▬ ▬ ▬▬▬ ▬ ▬▬ ▬ ▬▬ ▬ ▬▬▬ ▬ ▬▬ ▬ ▬▬ ▬ ▬▬▬ ▬ ▬▬ ▬ ▬▬ ▬ ▬▬▬ ▬ ▬▬ ▬ ▬▬ ▬ ▬▬▬ ▬ ▬▬ ▬ ▬▬ ▬ ▬▬▬ ▬ ▬▬ ▬ ▬▬ ▬ ▬▬▬ ▬ ▬▬ ▬ ▬▬ ▬ ▬▬▬ ▬ ▬▬ ▬ ▬▬▬ ▬ ▬▬ ▬ ▬▬ ▬ ▬▬▬ ▬ ▬▬ ▬ ▬▬ ▬ ▬▬▬ ▬ ▬▬ ▬ ▬▬ ▬ ▬▬▬ ▬ ▬▬ ▬ ▬▬ ▬ ▬▬▬ ▬ ▬▬ ▬ ▬▬ ▬ ▬▬▬ ▬ ▬▬ ▬ ▬▬ ▬ ▬▬▬ ▬ ▬▬ ▬ ▬▬ ▬ ▬▬▬ ▬ ▬▬ ▬ ▬▬ ▬ ▬▬▬ ▬ ▬▬ ▬ ▬▬ ▬ ▬▬▬ ▬ ▬▬ ▬ ▬▬ ▬ ▬▬▬ ▬ ▬▬ ▬ ▬▬ ▬ ▬▬▬ ▬ ▬▬ ▬ ▬▬ ▬ ▬▬▬ ▬ ▬▬ ▬ ▬▬ ▬ ▬▬▬ ▬ ▬▬ ▬ ▬▬ ▬ ▬▬▬ ▬ ▬▬ ▬ ▬▬ ▬ ▬▬▬ ▬ ▬▬ ▬ ▬▬ ▬ ▬▬▬ ▬ ▬▬ ▬ ▬▬ ▬ ▬▬▬ ▬ ▬▬ ▬ ▬▬ ▬ ▬▬▬ ▬ ▬▬ ▬ ▬▬ ▬ ▬▬▬ ▬ ▬▬ ▬ ▬▬ ▬ ▬▬▬ ▬ ▬▬ ▬ ▬▬ ▬ ▬▬▬ ▬ ▬▬ ▬ ▬▬ ▬ ▬▬▬ ▬ ▬▬ ▬ ▬▬ ▬ ▬▬▬ ▬ ▬▬ ▬ ▬▬ ▬ ▬▬▬ ▬ ▬▬ ▬ ▬▬ ▬ ▬▬▬ ▬ ▬▬ ▬ ▬▬ ▬ ▬▬▬ ▬ ▬▬ ▬ ▬▬ ▬ ▬▬▬ ▬ ▬▬ ▬ ▬▬ ▬ ▬▬▬ ▬ ▬▬ ▬ ▬▬ ▬ ▬▬▬ ▬ ▬▬ ▬ ▬▬ ▬ ▬▬▬ ▬ ▬▬ ▬ ▬▬ ▬ ▬▬▬ ▬ ▬▬ ▬ ▬▬ ▬ ▬▬▬ ▬ ▬▬ ▬ ▬▬ ▬ ▬▬▬ ▬ ▬▬ ▬ ▬▬ ▬ ▬▬▬ ▬ ▬▬ ▬ ▬▬ ▬ ▬▬▬ ▬ ▬▬ ▬ ▬▬ ▬ ▬▬▬ ▬ ▬▬ ▬ ▬▬ ▬ ▬▬▬ ▬ ▬▬ ▬ ▬▬ ▬ ▬▬▬ ▬ ▬▬ ▬ ▬▬ ▬ ▬▬▬ ▬ ▬▬ ▬ ▬▬ ▬ ▬▬▬ ▬ ▬▬ ▬ ▬▬ ▬ ▬▬▬ ▬ ▬▬ ▬ ▬▬ ▬ ▬▬▬ ▬ ▬▬ ▬ ▬▬ ▬ ▬▬▬ ▬ ▬▬ ▬ ▬▬ ▬ ▬▬▬ ▬ ▬▬ ▬ ▬▬ ▬ ▬▬▬ ▬ ▬▬ ▬ ▬▬ ▬ ▬▬▬ ▬ ▬▬ ▬ ▬▬ ▬ ▬▬▬	依強制性交、猥褻等10罪起訴
前環保署副總長遭求重刑
陳志賢／台北報導
▬ ▬▬ ▬ ▬▬▬ ▬ ▬▬ ▬ ▬▬ ▬ ▬▬▬ ▬ ▬▬ ▬ ▬▬ ▬ ▬▬▬ ▬ ▬▬ ▬ ▬▬ ▬ ▬▬▬ ▬ ▬▬ ▬ ▬▬ ▬ ▬▬▬ ▬ ▬▬ ▬ ▬▬ ▬ ▬▬▬ ▬ ▬▬ ▬ ▬▬ ▬ ▬▬▬ ▬ ▬▬ ▬ ▬▬ ▬ ▬▬▬ ▬ ▬▬ ▬ ▬▬ ▬ ▬▬▬ ▬ ▬▬ ▬ ▬▬ ▬ ▬▬▬ ▬ ▬▬ ▬ ▬▬ ▬ ▬▬▬ ▬ ▬▬ ▬ ▬▬ ▬ ▬▬▬ ▬ ▬▬ ▬ ▬▬ ▬ ▬▬▬ ▬ ▬▬ ▬ ▬▬ ▬ ▬▬▬ ▬ ▬▬ ▬ ▬▬ ▬ ▬▬▬ ▬ ▬▬ ▬ ▬▬ ▬ ▬▬▬ ▬ ▬▬ ▬ ▬▬ ▬ ▬▬▬ ▬ ▬▬ ▬ ▬▬ ▬ ▬▬▬ ▬ ▬▬ ▬ ▬▬ ▬ ▬▬▬ ▬ ▬▬ ▬ ▬▬ ▬ ▬▬▬ ▬ ▬▬ ▬ ▬▬ ▬ ▬▬▬ ▬ ▬▬ ▬ ▬▬ ▬ ▬▬▬ ▬ ▬▬ ▬ ▬▬ ▬ ▬▬▬ ▬ ▬▬ ▬ ▬▬ ▬ ▬▬▬ ▬ ▬▬ ▬ ▬▬ ▬ ▬▬▬ ▬ ▬▬ ▬ ▬▬ ▬ ▬▬▬ ▬ ▬▬ ▬ ▬▬ ▬ ▬▬▬ ▬ ▬▬ ▬ ▬▬ ▬ ▬▬▬ ▬ ▬▬ ▬ ▬▬ ▬ ▬▬▬ ▬ ▬▬ ▬ ▬▬ ▬ ▬▬▬ ▬ ▬▬ ▬ ▬▬ ▬ ▬▬▬ ▬ ▬▬ ▬ ▬▬ ▬ ▬▬▬ ▬ ▬▬ ▬ ▬▬ ▬ ▬▬▬ ▬ ▬▬ ▬ ▬▬ ▬ ▬▬▬ ▬ ▬▬ ▬ ▬▬ ▬ ▬▬▬ ▬ ▬▬ ▬ ▬▬ ▬ ▬▬▬ ▬ ▬▬ ▬ ▬▬ ▬ ▬▬▬ ▬ ▬▬ ▬ ▬▬ ▬ ▬▬▬ ▬ ▬▬ ▬ ▬▬ ▬ ▬▬▬ ▬ ▬▬ ▬ ▬▬ ▬ ▬▬▬ ▬ ▬▬ ▬ ▬▬ ▬ ▬▬▬ ▬ ▬▬ ▬ ▬▬ ▬ ▬▬▬ ▬ ▬▬ ▬ ▬▬ ▬ ▬▬▬ ▬ ▬▬ ▬ ▬▬ ▬ ▬▬▬ ▬ ▬▬ ▬ ▬▬ ▬ ▬▬▬ ▬ ▬▬ ▬ ▬▬ ▬ ▬▬▬ ▬ ▬▬ ▬ ▬▬ ▬ ▬▬▬ ▬ ▬▬ ▬ ▬▬ ▬ ▬▬▬
▬ ▬▬ ▬ ▬▬▬ ▬ ▬▬ ▬ ▬▬ ▬ ▬▬▬ ▬ ▬▬ ▬ ▬▬ ▬ ▬▬▬ ▬ ▬▬ ▬ ▬▬ ▬ ▬▬▬ ▬ ▬▬ ▬ ▬▬ ▬ ▬▬▬ ▬ ▬▬ ▬ ▬▬ ▬ ▬▬▬ ▬ ▬▬ ▬ ▬▬ ▬ ▬▬▬ ▬ ▬▬ ▬ ▬▬ ▬ ▬▬▬ ▬ ▬▬ ▬ ▬▬ ▬ ▬▬▬ ▬ ▬▬ ▬ ▬▬ ▬ ▬▬▬ ▬ ▬▬ ▬ ▬▬ ▬ ▬▬▬ ▬ ▬▬ ▬ ▬▬ ▬ ▬▬▬ ▬ ▬▬ ▬ ▬▬ ▬ ▬▬▬ ▬ ▬▬ ▬ ▬▬ ▬ ▬▬▬ ▬ ▬▬ ▬ ▬▬ ▬ ▬▬▬ ▬ ▬▬ ▬ ▬▬ ▬ ▬▬▬ ▬ ▬▬ ▬ ▬▬ ▬ ▬▬▬ ▬ ▬▬ ▬ ▬▬ ▬ ▬▬▬ ▬ ▬▬ ▬ ▬▬ ▬ ▬▬▬ ▬ ▬▬ ▬ ▬▬ ▬ ▬▬▬ ▬ ▬▬ ▬ ▬▬ ▬ ▬▬▬ ▬ ▬▬ ▬ ▬▬ ▬ ▬▬▬ ▬ ▬▬ ▬ ▬▬ ▬ ▬▬▬ ▬ ▬▬ ▬ ▬▬ ▬ ▬▬▬ ▬ ▬▬ ▬ ▬▬ ▬ ▬▬▬ ▬ ▬▬ ▬ ▬▬ ▬ ▬▬▬ ▬ ▬▬ ▬ ▬▬ ▬ ▬▬▬ ▬ ▬▬ ▬ ▬▬ ▬ ▬▬▬ ▬ ▬▬ ▬ ▬▬ ▬ ▬▬▬ ▬ ▬▬ ▬ ▬▬ ▬ ▬▬▬ ▬ ▬▬ ▬ ▬▬ ▬ ▬▬▬ ▬ ▬▬ ▬ ▬▬ ▬ ▬▬▬ ▬ ▬▬ ▬ ▬▬ ▬ ▬▬▬ ▬ ▬▬ ▬ ▬▬ ▬ ▬▬▬ ▬ ▬▬ ▬ ▬▬ ▬ ▬▬▬ ▬ ▬▬ ▬ ▬▬ ▬ ▬▬▬ ▬ ▬▬ ▬ ▬▬ ▬ ▬▬▬ ▬ ▬▬ ▬ ▬▬ ▬ ▬▬▬ ▬ ▬▬ ▬ ▬▬ ▬ ▬▬▬ ▬ ▬▬ ▬ ▬▬ ▬ ▬▬▬ ▬ ▬▬ ▬ ▬▬ ▬ ▬▬▬ ▬ ▬▬ ▬ ▬▬ ▬ ▬▬▬ ▬ ▬▬ ▬ ▬▬ ▬ ▬▬▬ ▬ ▬▬ ▬ ▬▬ ▬ ▬▬▬ ▬ ▬▬ ▬ ▬▬ ▬ ▬▬▬ ▬ ▬▬ ▬ ▬▬ ▬ ▬▬▬ ▬ ▬▬ ▬ ▬▬ ▬ ▬▬▬ ▬ ▬▬ ▬ ▬▬ ▬ ▬▬▬
未聲請延押	罷雙吳兒死亡連署 北檢下周偵結
陳志賢／台北報導
▬ ▬▬ ▬ ▬▬▬ ▬ ▬▬ ▬ ▬▬ ▬ ▬▬▬ ▬ ▬▬ ▬ ▬▬ ▬ ▬▬▬ ▬ ▬▬ ▬ ▬▬ ▬ ▬▬▬ ▬ ▬▬ ▬ ▬▬ ▬ ▬▬▬ ▬ ▬▬ ▬ ▬▬ ▬ ▬▬▬ ▬ ▬▬ ▬ ▬▬ ▬ ▬▬▬ ▬ ▬▬ ▬ ▬▬ ▬ ▬▬▬ ▬ ▬▬ ▬ ▬▬ ▬ ▬▬▬ ▬ ▬▬ ▬ ▬▬ ▬ ▬▬▬ ▬ ▬▬ ▬ ▬▬ ▬ ▬▬▬ ▬ ▬▬ ▬ ▬▬ ▬ ▬▬▬ ▬ ▬▬ ▬ ▬▬ ▬ ▬▬▬ ▬ ▬▬ ▬ ▬▬ ▬ ▬▬▬ ▬ ▬▬ ▬ ▬▬ ▬ ▬▬▬ ▬ ▬▬ ▬ ▬▬ ▬ ▬▬▬ ▬ ▬▬ ▬ ▬▬ ▬ ▬▬▬ ▬ ▬▬ ▬ ▬▬ ▬ ▬▬▬ ▬ ▬▬ ▬ ▬▬ ▬ ▬▬▬ ▬ ▬▬ ▬ ▬▬ ▬ ▬▬▬ ▬ ▬▬ ▬ ▬▬ ▬ ▬▬▬ ▬ ▬▬ ▬ ▬▬ ▬ ▬▬▬ ▬ ▬▬ ▬ ▬▬ ▬ ▬▬▬ ▬ ▬▬ ▬ ▬▬ ▬ ▬▬▬ ▬ ▬▬ ▬ ▬▬ ▬ ▬▬▬ ▬ ▬▬ ▬ ▬▬ ▬ ▬▬▬ ▬ ▬▬ ▬ ▬▬ ▬ ▬▬▬ ▬ ▬▬ ▬ ▬▬ ▬ ▬▬▬ ▬ ▬▬ ▬ ▬▬ ▬ ▬▬▬ ▬ ▬▬ ▬ ▬▬ ▬ ▬▬▬ ▬ ▬▬ ▬ ▬▬ ▬ ▬▬▬ ▬ ▬▬ ▬ ▬▬ ▬ ▬▬▬ ▬ ▬▬ ▬ ▬▬ ▬ ▬▬▬ ▬ ▬▬ ▬ ▬▬ ▬ ▬▬▬ ▬ ▬▬ ▬ ▬▬ ▬ ▬▬▬ ▬ ▬▬ ▬ ▬▬ ▬ ▬▬▬ ▬ ▬▬ ▬ ▬▬ ▬ ▬▬▬ ▬ ▬▬ ▬ ▬▬ ▬ ▬▬▬ ▬ ▬▬ ▬ ▬▬ ▬ ▬▬▬ ▬ ▬▬ ▬ ▬▬ ▬ ▬▬▬ ▬ ▬▬ ▬ ▬▬ ▬ ▬▬▬ ▬ ▬▬ ▬ ▬▬ ▬ ▬▬▬ ▬ ▬▬ ▬ ▬▬ ▬ ▬▬▬ ▬ ▬▬ ▬ ▬▬ ▬ ▬▬▬ ▬ ▬▬ ▬ ▬▬ ▬ ▬▬▬ ▬ ▬▬ ▬ ▬▬ ▬ ▬▬▬ ▬ ▬▬ ▬ ▬▬ ▬ ▬▬▬ ▬ ▬▬ ▬ ▬▬ ▬ ▬▬▬
▬ ▬▬ ▬ ▬▬▬ ▬ ▬▬ ▬ ▬▬ ▬ ▬▬▬ ▬ ▬▬ ▬ ▬▬ ▬ ▬▬▬ ▬ ▬▬ ▬ ▬▬ ▬ ▬▬▬ ▬ ▬▬ ▬ ▬▬ ▬ ▬▬▬ ▬ ▬▬ ▬ ▬▬ ▬ ▬▬▬ ▬ ▬▬ ▬ ▬▬ ▬ ▬▬▬ ▬ ▬▬ ▬ ▬▬ ▬ ▬▬▬ ▬ ▬▬ ▬ ▬▬ ▬ ▬▬▬ ▬ ▬▬ ▬ ▬▬ ▬ ▬▬▬ ▬ ▬▬ ▬ ▬▬ ▬ ▬▬▬ ▬ ▬▬ ▬ ▬▬ ▬ ▬▬▬ ▬ ▬▬ ▬ ▬▬ ▬ ▬▬▬ ▬ ▬▬ ▬ ▬▬ ▬ ▬▬▬ ▬ ▬▬ ▬ ▬▬ ▬ ▬▬▬ ▬ ▬▬ ▬ ▬▬ ▬ ▬▬▬ ▬ ▬▬ ▬ ▬▬ ▬ ▬▬▬ ▬ ▬▬ ▬ ▬▬ ▬ ▬▬▬ ▬ ▬▬ ▬ ▬▬ ▬ ▬▬▬ ▬ ▬▬ ▬ ▬▬ ▬ ▬▬▬ ▬ ▬▬ ▬ ▬▬ ▬ ▬▬▬ ▬ ▬▬ ▬ ▬▬ ▬ ▬▬▬ ▬ ▬▬ ▬ ▬▬ ▬ ▬▬▬ ▬ ▬▬ ▬ ▬▬ ▬ ▬▬▬ ▬ ▬▬ ▬ ▬▬ ▬ ▬▬▬ ▬ ▬▬ ▬ ▬▬ ▬ ▬▬▬ ▬ ▬▬ ▬ ▬▬ ▬ ▬▬▬ ▬ ▬▬ ▬ ▬▬ ▬ ▬▬▬ ▬ ▬▬ ▬ ▬▬ ▬ ▬▬▬ ▬ ▬▬ ▬ ▬▬ ▬ ▬▬▬ ▬ ▬▬ ▬ ▬▬ ▬ ▬▬▬ ▬ ▬▬ ▬ ▬▬ ▬ ▬▬▬ ▬ ▬▬ ▬ ▬▬ ▬ ▬▬▬ ▬ ▬▬ ▬ ▬▬ ▬ ▬▬▬ ▬ ▬▬ ▬ ▬▬ ▬ ▬▬▬ ▬ ▬▬ ▬ ▬▬ ▬ ▬▬▬ ▬ ▬▬ ▬ ▬▬ ▬ ▬▬▬ ▬ ▬▬ ▬ ▬▬ ▬ ▬▬▬ ▬ ▬▬ ▬ ▬▬ ▬ ▬▬▬ ▬ ▬▬ ▬ ▬▬ ▬ ▬▬▬ ▬ ▬▬ ▬ ▬▬ ▬ ▬▬▬ ▬ ▬▬ ▬ ▬▬ ▬ ▬▬▬ ▬ ▬▬ ▬ ▬▬ ▬ ▬▬▬ ▬ ▬▬ ▬ ▬▬ ▬ ▬▬▬ ▬ ▬▬ ▬ ▬▬ ▬ ▬▬▬ ▬ ▬▬ ▬ ▬▬ ▬ ▬▬▬ ▬ ▬▬ ▬ ▬▬ ▬ ▬▬▬ ▬ ▬▬ ▬ ▬▬ ▬ ▬▬▬
▬ ▬▬ ▬ ▬▬▬ ▬ ▬▬ ▬ ▬▬ ▬ ▬▬▬ ▬ ▬▬ ▬ ▬▬ ▬ ▬▬▬ ▬ ▬▬ ▬ ▬▬ ▬ ▬▬▬ ▬ ▬▬ ▬ ▬▬ ▬ ▬▬▬ ▬ ▬▬ ▬ ▬▬ ▬ ▬▬▬ ▬ ▬▬ ▬ ▬▬ ▬ ▬▬▬ ▬ ▬▬ ▬ ▬▬ ▬ ▬▬▬ ▬ ▬▬ ▬ ▬▬ ▬ ▬▬▬ ▬ ▬▬ ▬ ▬▬ ▬ ▬▬▬ ▬ ▬▬ ▬ ▬▬ ▬ ▬▬▬ ▬ ▬▬ ▬ ▬▬ ▬ ▬▬▬ ▬ ▬▬ ▬ ▬▬ ▬ ▬▬▬ ▬ ▬▬ ▬ ▬▬ ▬ ▬▬▬ ▬ ▬▬ ▬ ▬▬ ▬ ▬▬▬ ▬ ▬▬ ▬ ▬▬ ▬ ▬▬▬ ▬ ▬▬ ▬ ▬▬ ▬ ▬▬▬ ▬ ▬▬ ▬ ▬▬ ▬ ▬▬▬ ▬ ▬▬ ▬ ▬▬ ▬ ▬▬▬ ▬ ▬▬ ▬ ▬▬ ▬ ▬▬▬ ▬ ▬▬ ▬ ▬▬ ▬ ▬▬▬ ▬ ▬▬ ▬ ▬▬ ▬ ▬▬▬ ▬ ▬▬ ▬ ▬▬ ▬ ▬▬▬ ▬ ▬▬ ▬ ▬▬ ▬ ▬▬▬ ▬ ▬▬ ▬ ▬▬ ▬ ▬▬▬ ▬ ▬▬ ▬ ▬▬ ▬ ▬▬▬ ▬ ▬▬ ▬ ▬▬ ▬ ▬▬▬ ▬ ▬▬ ▬ ▬▬ ▬ ▬▬▬ ▬ ▬▬ ▬ ▬▬ ▬ ▬▬▬ ▬ ▬▬ ▬ ▬▬ ▬ ▬▬▬ ▬ ▬▬ ▬ ▬▬ ▬ ▬▬▬ ▬ ▬▬ ▬ ▬▬ ▬ ▬▬▬ ▬ ▬▬ ▬ ▬▬ ▬ ▬▬▬ ▬ ▬▬ ▬ ▬▬ ▬ ▬▬▬ ▬ ▬▬ ▬ ▬▬ ▬ ▬▬▬ ▬ ▬▬ ▬ ▬▬ ▬ ▬▬▬ ▬ ▬▬ ▬ ▬▬ ▬ ▬▬▬ ▬ ▬▬ ▬ ▬▬ ▬ ▬▬▬ ▬ ▬▬ ▬ ▬▬ ▬ ▬▬▬ ▬ ▬▬ ▬ ▬▬ ▬ ▬▬▬ ▬ ▬▬ ▬ ▬▬ ▬ ▬▬▬ ▬ ▬▬ ▬ ▬▬ ▬ ▬▬▬ ▬ ▬▬ ▬ ▬▬ ▬ ▬▬▬ ▬ ▬▬ ▬ ▬▬ ▬ ▬▬▬ ▬ ▬▬ ▬ ▬▬ ▬ ▬▬▬ ▬ ▬▬ ▬ ▬▬ ▬ ▬▬▬ ▬ ▬▬ ▬ ▬▬ ▬ ▬▬▬ ▬ ▬▬ ▬ ▬▬ ▬ ▬▬▬
▬ ▬▬ ▬ ▬▬▬ ▬ ▬▬ ▬ ▬▬ ▬ ▬▬▬ ▬ ▬▬ ▬ ▬▬ ▬ ▬▬▬ ▬ ▬▬ ▬ ▬▬ ▬ ▬▬▬ ▬ ▬▬ ▬ ▬▬ ▬ ▬▬▬ ▬ ▬▬ ▬ ▬▬ ▬ ▬▬▬ ▬ ▬▬ ▬ ▬▬ ▬ ▬▬▬ ▬ ▬▬ ▬ ▬▬ ▬ ▬▬▬ ▬ ▬▬ ▬ ▬▬ ▬ ▬▬▬ ▬ ▬▬ ▬ ▬▬ ▬ ▬▬▬ ▬ ▬▬ ▬ ▬▬ ▬ ▬▬▬ ▬ ▬▬ ▬ ▬▬ ▬ ▬▬▬ ▬ ▬▬ ▬ ▬▬ ▬ ▬▬▬ ▬ ▬▬ ▬ ▬▬ ▬ ▬▬▬ ▬ ▬▬ ▬ ▬▬ ▬ ▬▬▬ ▬ ▬▬ ▬ ▬▬ ▬ ▬▬▬ ▬ ▬▬ ▬ ▬▬ ▬ ▬▬▬ ▬ ▬▬ ▬ ▬▬ ▬ ▬▬▬ ▬ ▬▬ ▬ ▬▬ ▬ ▬▬▬ ▬ ▬▬ ▬ ▬▬ ▬ ▬▬▬ ▬ ▬▬ ▬ ▬▬ ▬ ▬▬▬ ▬ ▬▬ ▬ ▬▬ ▬ ▬▬▬ ▬ ▬▬ ▬ ▬▬ ▬ ▬▬▬ ▬ ▬▬ ▬ ▬▬ ▬ ▬▬▬ ▬ ▬▬ ▬ ▬▬ ▬ ▬▬▬ ▬ ▬▬ ▬ ▬▬ ▬ ▬▬▬ ▬ ▬▬ ▬ ▬▬ ▬ ▬▬▬ ▬ ▬▬ ▬ ▬▬ ▬ ▬▬▬ ▬ ▬▬ ▬ ▬▬ ▬ ▬▬▬ ▬ ▬▬ ▬ ▬▬ ▬ ▬▬▬ ▬ ▬▬ ▬ ▬▬ ▬ ▬▬▬ ▬ ▬▬ ▬ ▬▬ ▬ ▬▬▬ ▬ ▬▬ ▬ ▬▬ ▬ ▬▬▬ ▬ ▬▬ ▬ ▬▬ ▬ ▬▬▬ ▬ ▬▬ ▬ ▬▬ ▬ ▬▬▬ ▬ ▬▬ ▬ ▬▬ ▬ ▬▬▬ ▬ ▬▬ ▬ ▬▬ ▬ ▬▬▬ ▬ ▬▬ ▬ ▬▬ ▬ ▬▬▬ ▬ ▬▬ ▬ ▬▬ ▬ ▬▬▬ ▬ ▬▬ ▬ ▬▬ ▬ ▬▬▬ ▬ ▬▬ ▬ ▬▬ ▬ ▬▬▬ ▬ ▬▬ ▬ ▬▬ ▬ ▬▬▬ ▬ ▬▬ ▬ ▬▬ ▬ ▬▬▬ ▬ ▬▬ ▬ ▬▬ ▬ ▬▬▬ ▬ ▬▬ ▬ ▬▬ ▬ ▬▬▬ ▬ ▬▬ ▬ ▬▬ ▬ ▬▬▬ ▬ ▬▬ ▬ ▬▬ ▬ ▬▬▬ ▬ ▬▬ ▬ ▬▬ ▬ ▬▬▬
責任主編／孟祥傑　編輯／鄭 浩　美編／王麗筑
